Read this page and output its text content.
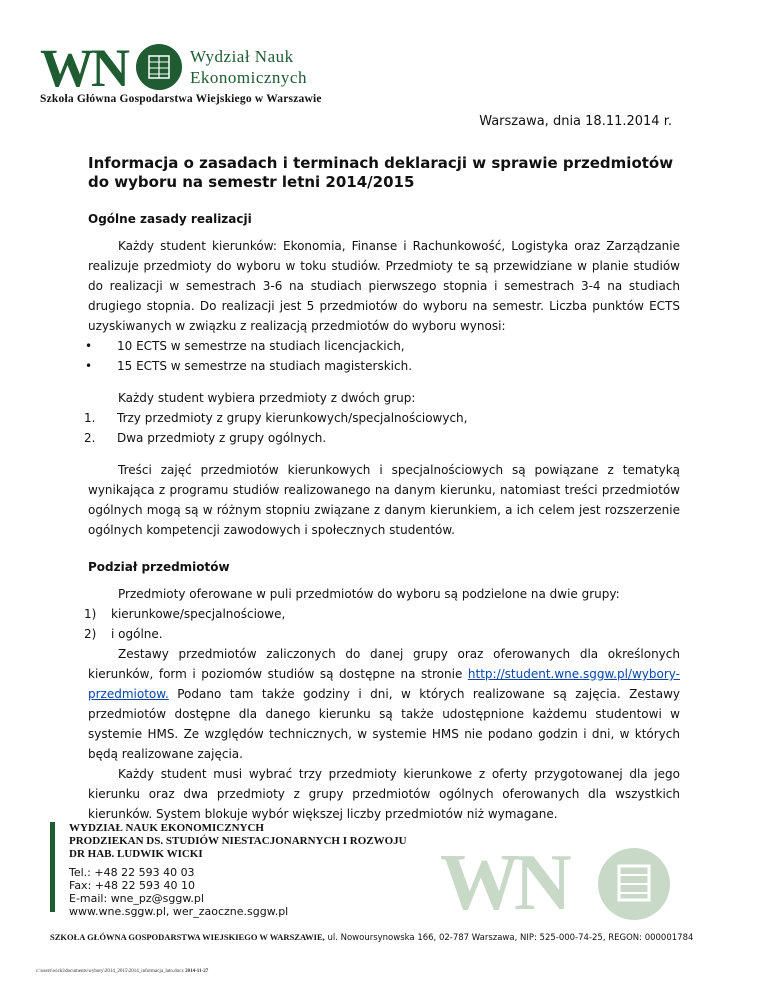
WN	Wydział Nauk
Ekonomicznych
Szkoła Główna Gospodarstwa Wiejskiego w Warszawie
Warszawa, dnia 18.11.2014 r.
Informacja o zasadach i terminach deklaracji w sprawie przedmiotów do wyboru na semestr letni 2014/2015
Ogólne zasady realizacji

Każdy student kierunków: Ekonomia, Finanse i Rachunkowość, Logistyka oraz Zarządzanie realizuje przedmioty do wyboru w toku studiów. Przedmioty te są przewidziane w planie studiów do realizacji w semestrach 3-6 na studiach pierwszego stopnia i semestrach 3-4 na studiach drugiego stopnia. Do realizacji jest 5 przedmiotów do wyboru na semestr. Liczba punktów ECTS uzyskiwanych w związku z realizacją przedmiotów do wyboru wynosi:

• 10 ECTS w semestrze na studiach licencjackich,
• 15 ECTS w semestrze na studiach magisterskich.

Każdy student wybiera przedmioty z dwóch grup:

1. Trzy przedmioty z grupy kierunkowych/specjalnościowych,
2. Dwa przedmioty z grupy ogólnych.

Treści zajęć przedmiotów kierunkowych i specjalnościowych są powiązane z tematyką wynikająca z programu studiów realizowanego na danym kierunku, natomiast treści przedmiotów ogólnych mogą są w różnym stopniu związane z danym kierunkiem, a ich celem jest rozszerzenie ogólnych kompetencji zawodowych i społecznych studentów.

Podział przedmiotów

Przedmioty oferowane w puli przedmiotów do wyboru są podzielone na dwie grupy:

1) kierunkowe/specjalnościowe,
2) i ogólne.

Zestawy przedmiotów zaliczonych do danej grupy oraz oferowanych dla określonych kierunków, form i poziomów studiów są dostępne na stronie http://student.wne.sggw.pl/wybory-przedmiotow. Podano tam także godziny i dni, w których realizowane są zajęcia. Zestawy przedmiotów dostępne dla danego kierunku są także udostępnione każdemu studentowi w systemie HMS. Ze względów technicznych, w systemie HMS nie podano godzin i dni, w których będą realizowane zajęcia.

Każdy student musi wybrać trzy przedmioty kierunkowe z oferty przygotowanej dla jego kierunku oraz dwa przedmioty z grupy przedmiotów ogólnych oferowanych dla wszystkich kierunków. System blokuje wybór większej liczby przedmiotów niż wymagane.

WYDZIAŁ NAUK EKONOMICZNYCH
PRODZIEKAN DS. STUDIÓW NIESTACJONARNYCH I ROZWOJU
DR HAB. LUDWIK WICKI
Tel.: +48 22 593 40 03
Fax: +48 22 593 40 10
E-mail: wne_pz@sggw.pl
www.wne.sggw.pl, wer_zaoczne.sggw.pl	WN
SZKOŁA GŁÓWNA GOSPODARSTWA WIEJSKIEGO W WARSZAWIE, ul. Nowoursynowska 166, 02-787 Warszawa, NIP: 525-000-74-25, REGON: 000001784
c:\users\wicki\documents\wybory\2014_2015\2014_informacja_lato.docx 2014-11-27
